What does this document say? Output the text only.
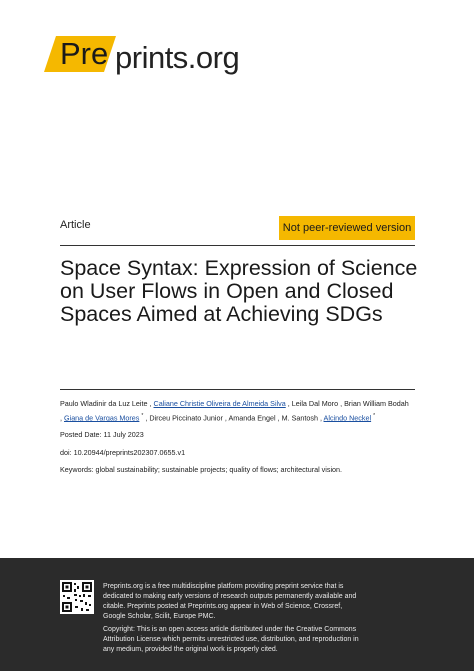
Pre prints.org
Article	Not peer-reviewed version
Space Syntax: Expression of Science on User Flows in Open and Closed Spaces Aimed at Achieving SDGs
Paulo Wladinir da Luz Leite , Caliane Christie Oliveira de Almeida Silva , Leila Dal Moro , Brian William Bodah
, Giana de Vargas Mores * , Dirceu Piccinato Junior , Amanda Engel , M. Santosh , Alcindo Neckel *
Posted Date: 11 July 2023
doi: 10.20944/preprints202307.0655.v1
Keywords: global sustainability; sustainable projects; quality of flows; architectural vision.
Preprints.org is a free multidiscipline platform providing preprint service that is dedicated to making early versions of research outputs permanently available and citable. Preprints posted at Preprints.org appear in Web of Science, Crossref, Google Scholar, Scilit, Europe PMC.
Copyright: This is an open access article distributed under the Creative Commons Attribution License which permits unrestricted use, distribution, and reproduction in any medium, provided the original work is properly cited.
